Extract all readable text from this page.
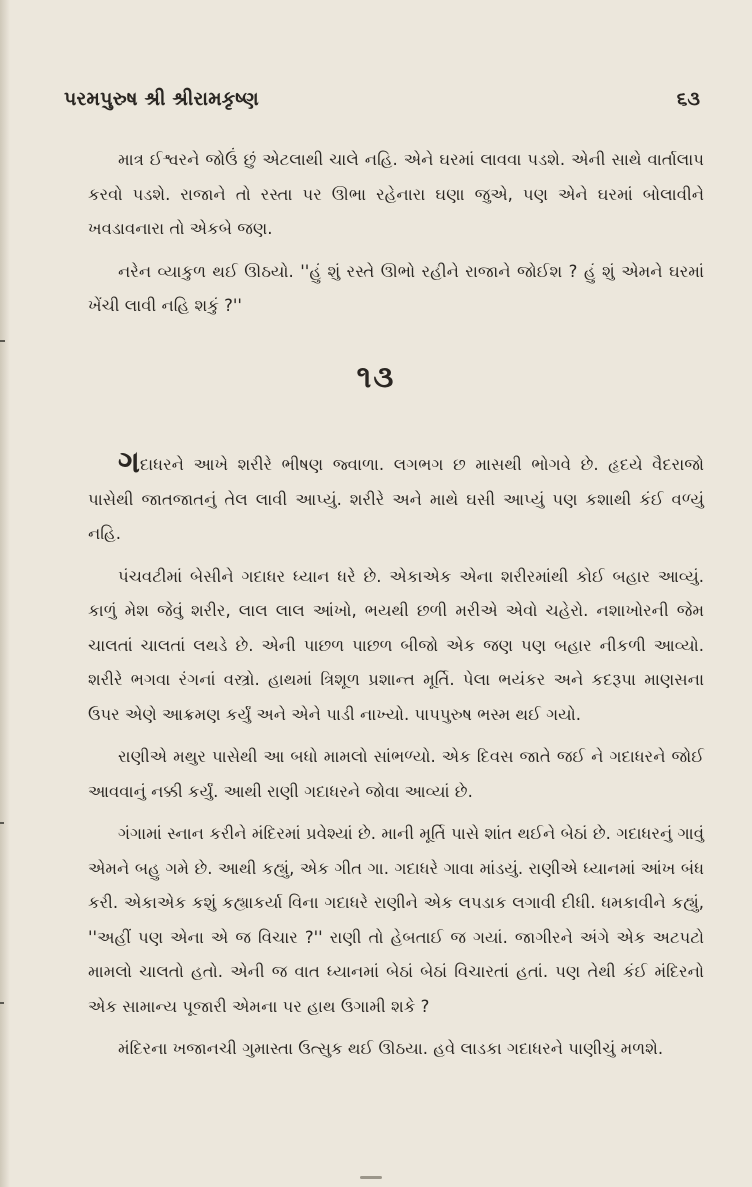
પરમપુરુષ શ્રી શ્રીરામકૃષ્ણ	૬૩

માત્ર ઈશ્વરને જોઉં છું એટલાથી ચાલે નહિ. એને ઘરમાં લાવવા પડશે. એની સાથે વાર્તાલાપ કરવો પડશે. રાજાને તો રસ્તા પર ઊભા રહેનારા ઘણા જુએ, પણ એને ઘરમાં બોલાવીને ખવડાવનારા તો એકબે જણ.

નરેન વ્યાકુળ થઈ ઊઠયો. ''હું શું રસ્તે ઊભો રહીને રાજાને જોઈશ ? હું શું એમને ઘરમાં ખેંચી લાવી નહિ શકું ?''

૧૩

ગદાધરને આખે શરીરે ભીષણ જ્વાળા. લગભગ છ માસથી ભોગવે છે. હૃદયે વૈદરાજો પાસેથી જાતજાતનું તેલ લાવી આપ્યું. શરીરે અને માથે ઘસી આપ્યું પણ કશાથી કંઈ વળ્યું નહિ.

પંચવટીમાં બેસીને ગદાધર ધ્યાન ધરે છે. એકાએક એના શરીરમાંથી કોઈ બહાર આવ્યું. કાળું મેશ જેવું શરીર, લાલ લાલ આંખો, ભયથી છળી મરીએ એવો ચહેરો. નશાખોરની જેમ ચાલતાં ચાલતાં લથડે છે. એની પાછળ પાછળ બીજો એક જણ પણ બહાર નીકળી આવ્યો. શરીરે ભગવા રંગનાં વસ્ત્રો. હાથમાં ત્રિશૂળ પ્રશાન્ત મૂર્તિ. પેલા ભયંકર અને કદરૂપા માણસના ઉપર એણે આક્રમણ કર્યું અને એને પાડી નાખ્યો. પાપપુરુષ ભસ્મ થઈ ગયો.

રાણીએ મથુર પાસેથી આ બધો મામલો સાંભળ્યો. એક દિવસ જાતે જઈ ને ગદાધરને જોઈ આવવાનું નક્કી કર્યું. આથી રાણી ગદાધરને જોવા આવ્યાં છે.

ગંગામાં સ્નાન કરીને મંદિરમાં પ્રવેશ્યાં છે. માની મૂર્તિ પાસે શાંત થઈને બેઠાં છે. ગદાધરનું ગાવું એમને બહુ ગમે છે. આથી કહ્યું, એક ગીત ગા. ગદાધરે ગાવા માંડયું. રાણીએ ધ્યાનમાં આંખ બંધ કરી. એકાએક કશું કહ્યાકર્યા વિના ગદાધરે રાણીને એક લપડાક લગાવી દીધી. ધમકાવીને કહ્યું, ''અહીં પણ એના એ જ વિચાર ?'' રાણી તો હેબતાઈ જ ગયાં. જાગીરને અંગે એક અટપટો મામલો ચાલતો હતો. એની જ વાત ધ્યાનમાં બેઠાં બેઠાં વિચારતાં હતાં. પણ તેથી કંઈ મંદિરનો એક સામાન્ય પૂજારી એમના પર હાથ ઉગામી શકે ?

મંદિરના ખજાનચી ગુમાસ્તા ઉત્સુક થઈ ઊઠયા. હવે લાડકા ગદાધરને પાણીચું મળશે.
